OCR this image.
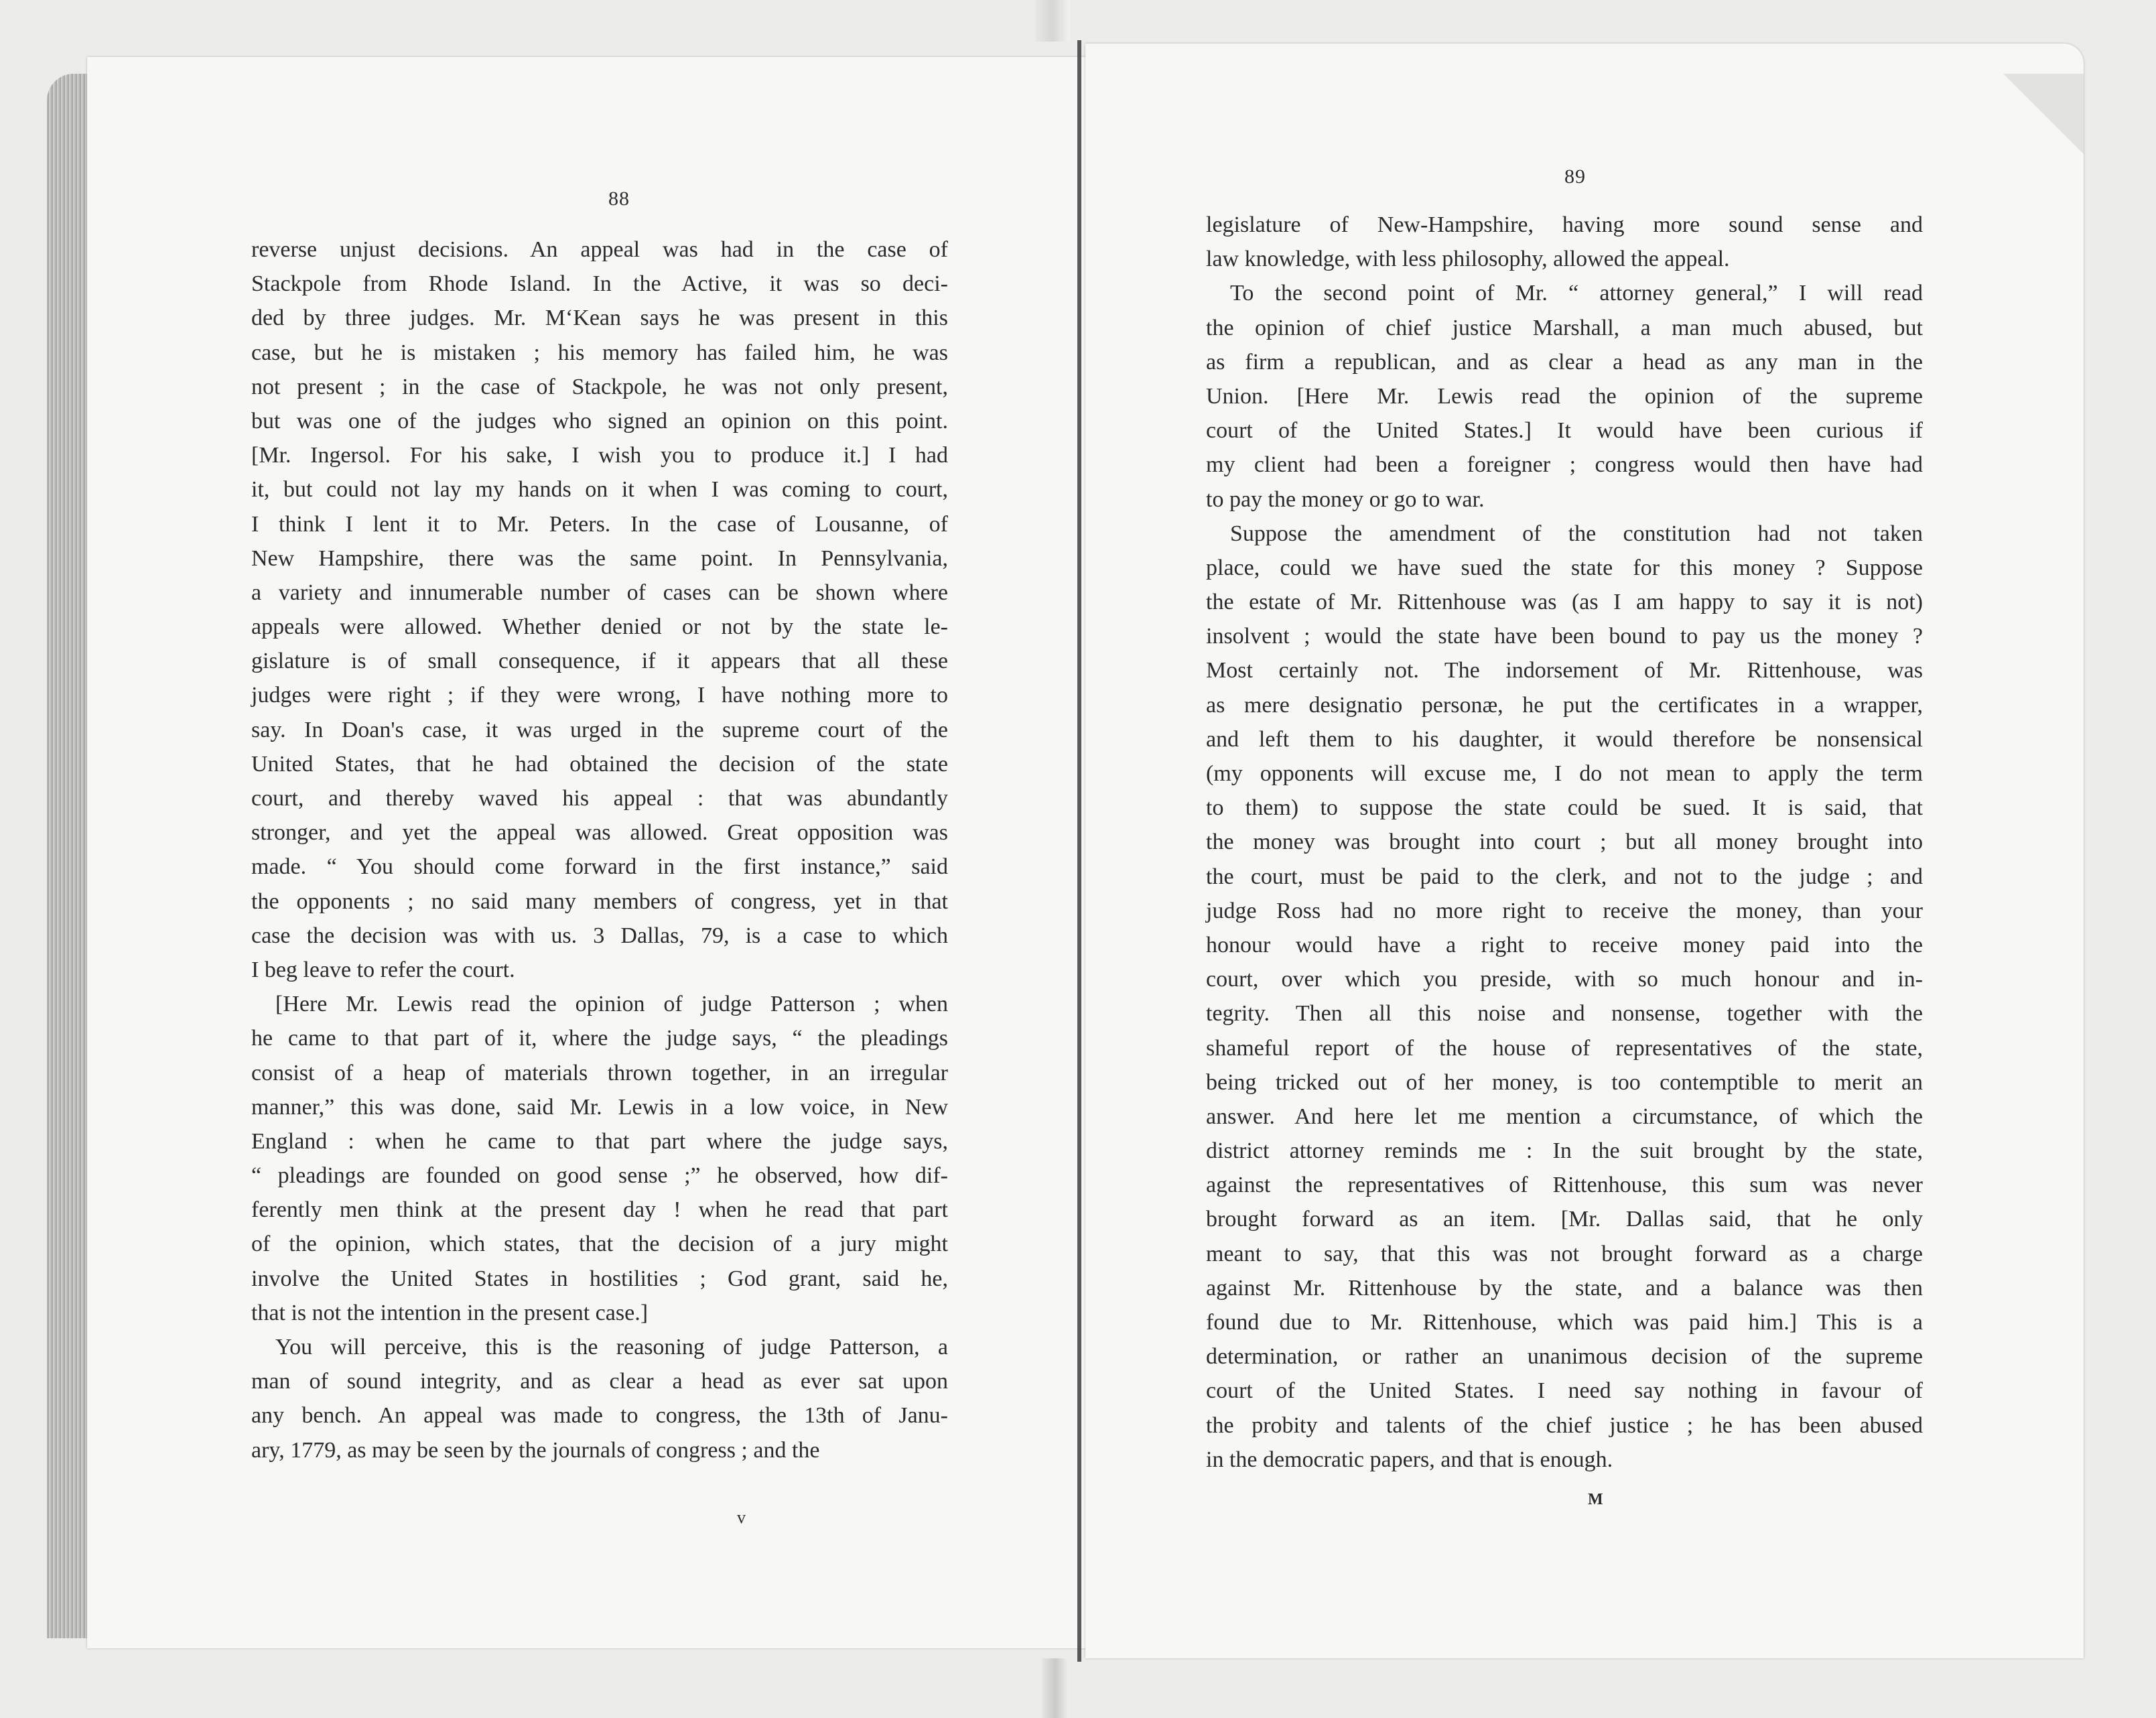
88
reverse unjust decisions. An appeal was had in the case of
Stackpole from Rhode Island. In the Active, it was so deci-
ded by three judges. Mr. M‘Kean says he was present in this
case, but he is mistaken ; his memory has failed him, he was
not present ; in the case of Stackpole, he was not only present,
but was one of the judges who signed an opinion on this point.
[Mr. Ingersol. For his sake, I wish you to produce it.] I had
it, but could not lay my hands on it when I was coming to court,
I think I lent it to Mr. Peters. In the case of Lousanne, of
New Hampshire, there was the same point. In Pennsylvania,
a variety and innumerable number of cases can be shown where
appeals were allowed. Whether denied or not by the state le-
gislature is of small consequence, if it appears that all these
judges were right ; if they were wrong, I have nothing more to
say. In Doan's case, it was urged in the supreme court of the
United States, that he had obtained the decision of the state
court, and thereby waved his appeal : that was abundantly
stronger, and yet the appeal was allowed. Great opposition was
made. “ You should come forward in the first instance,” said
the opponents ; no said many members of congress, yet in that
case the decision was with us. 3 Dallas, 79, is a case to which
I beg leave to refer the court.
[Here Mr. Lewis read the opinion of judge Patterson ; when
he came to that part of it, where the judge says, “ the pleadings
consist of a heap of materials thrown together, in an irregular
manner,” this was done, said Mr. Lewis in a low voice, in New
England : when he came to that part where the judge says,
“ pleadings are founded on good sense ;” he observed, how dif-
ferently men think at the present day ! when he read that part
of the opinion, which states, that the decision of a jury might
involve the United States in hostilities ; God grant, said he,
that is not the intention in the present case.]
You will perceive, this is the reasoning of judge Patterson, a
man of sound integrity, and as clear a head as ever sat upon
any bench. An appeal was made to congress, the 13th of Janu-
ary, 1779, as may be seen by the journals of congress ; and the
v
89
legislature of New-Hampshire, having more sound sense and
law knowledge, with less philosophy, allowed the appeal.
To the second point of Mr. “ attorney general,” I will read
the opinion of chief justice Marshall, a man much abused, but
as firm a republican, and as clear a head as any man in the
Union. [Here Mr. Lewis read the opinion of the supreme
court of the United States.] It would have been curious if
my client had been a foreigner ; congress would then have had
to pay the money or go to war.
Suppose the amendment of the constitution had not taken
place, could we have sued the state for this money ? Suppose
the estate of Mr. Rittenhouse was (as I am happy to say it is not)
insolvent ; would the state have been bound to pay us the money ?
Most certainly not. The indorsement of Mr. Rittenhouse, was
as mere designatio personæ, he put the certificates in a wrapper,
and left them to his daughter, it would therefore be nonsensical
(my opponents will excuse me, I do not mean to apply the term
to them) to suppose the state could be sued. It is said, that
the money was brought into court ; but all money brought into
the court, must be paid to the clerk, and not to the judge ; and
judge Ross had no more right to receive the money, than your
honour would have a right to receive money paid into the
court, over which you preside, with so much honour and in-
tegrity. Then all this noise and nonsense, together with the
shameful report of the house of representatives of the state,
being tricked out of her money, is too contemptible to merit an
answer. And here let me mention a circumstance, of which the
district attorney reminds me : In the suit brought by the state,
against the representatives of Rittenhouse, this sum was never
brought forward as an item. [Mr. Dallas said, that he only
meant to say, that this was not brought forward as a charge
against Mr. Rittenhouse by the state, and a balance was then
found due to Mr. Rittenhouse, which was paid him.] This is a
determination, or rather an unanimous decision of the supreme
court of the United States. I need say nothing in favour of
the probity and talents of the chief justice ; he has been abused
in the democratic papers, and that is enough.
M
